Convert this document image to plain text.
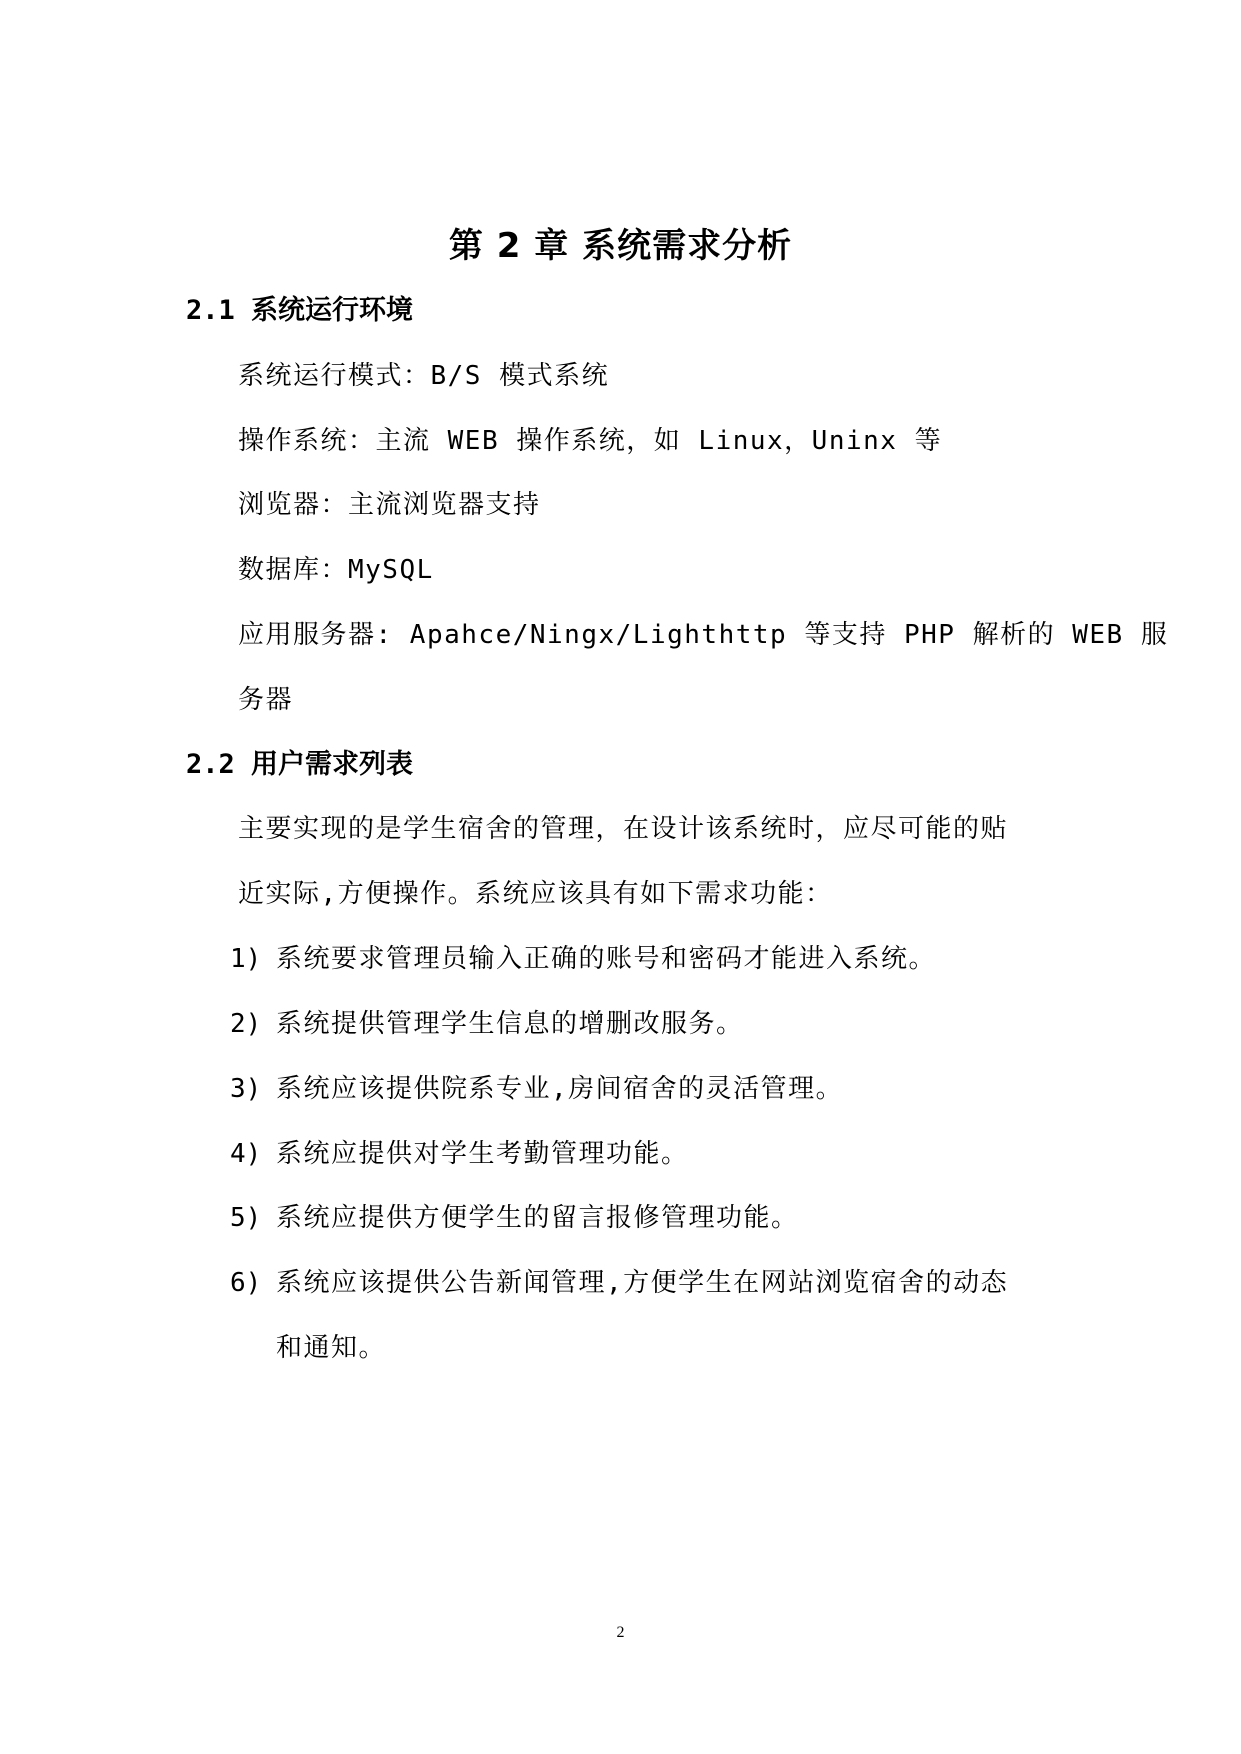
第 2 章 系统需求分析
2.1 系统运行环境
系统运行模式：B/S 模式系统
操作系统：主流 WEB 操作系统，如 Linux，Uninx 等
浏览器：主流浏览器支持
数据库：MySQL
应用服务器: Apahce/Ningx/Lighthttp 等支持 PHP 解析的 WEB 服
务器
2.2 用户需求列表
主要实现的是学生宿舍的管理，在设计该系统时，应尽可能的贴
近实际,方便操作。系统应该具有如下需求功能：
1) 系统要求管理员输入正确的账号和密码才能进入系统。
2) 系统提供管理学生信息的增删改服务。
3) 系统应该提供院系专业,房间宿舍的灵活管理。
4) 系统应提供对学生考勤管理功能。
5) 系统应提供方便学生的留言报修管理功能。
6) 系统应该提供公告新闻管理,方便学生在网站浏览宿舍的动态
和通知。
2
